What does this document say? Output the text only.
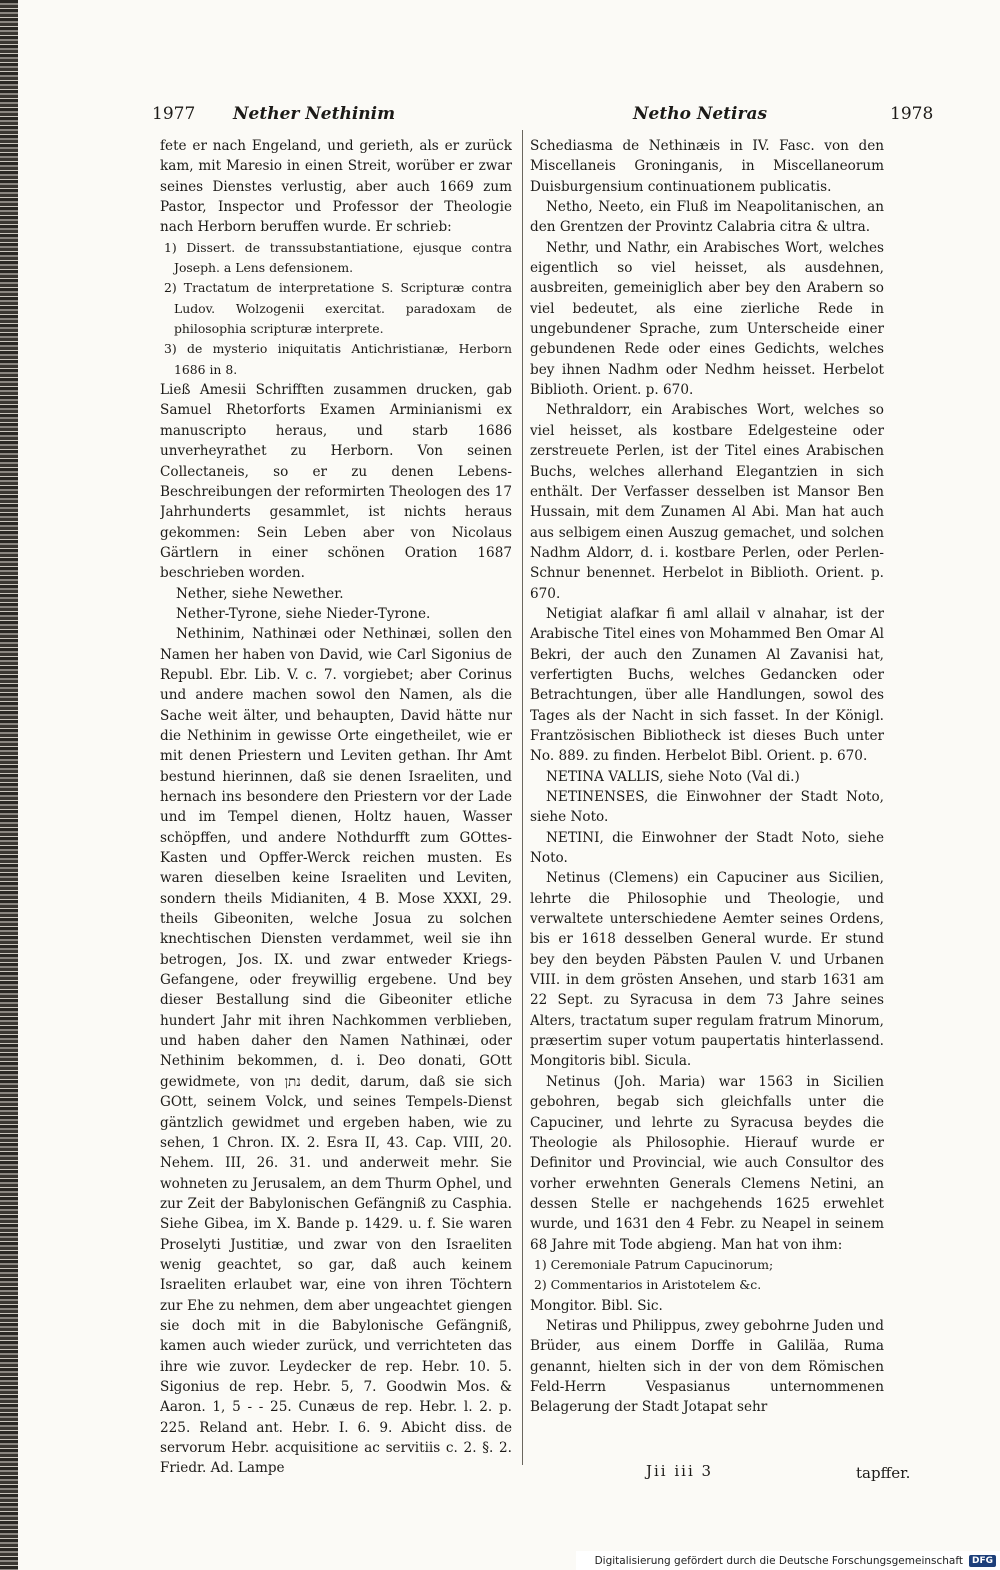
1977 Nether Nethinim	Netho Netiras	1978

fete er nach Engeland, und gerieth, als er zurück kam, mit Maresio in einen Streit, worüber er zwar seines Dienstes verlustig, aber auch 1669 zum Pastor, Inspector und Professor der Theologie nach Herborn beruffen wurde. Er schrieb:

1) Dissert. de transsubstantiatione, ejusque contra Joseph. a Lens defensionem.

2) Tractatum de interpretatione S. Scripturæ contra Ludov. Wolzogenii exercitat. paradoxam de philosophia scripturæ interprete.

3) de mysterio iniquitatis Antichristianæ, Herborn 1686 in 8.

Ließ Amesii Schrifften zusammen drucken, gab Samuel Rhetorforts Examen Arminianismi ex manuscripto heraus, und starb 1686 unverheyrathet zu Herborn. Von seinen Collectaneis, so er zu denen Lebens-Beschreibungen der reformirten Theologen des 17 Jahrhunderts gesammlet, ist nichts heraus gekommen: Sein Leben aber von Nicolaus Gärtlern in einer schönen Oration 1687 beschrieben worden.

Nether, siehe Newether.

Nether-Tyrone, siehe Nieder-Tyrone.

Nethinim, Nathinæi oder Nethinæi, sollen den Namen her haben von David, wie Carl Sigonius de Republ. Ebr. Lib. V. c. 7. vorgiebet; aber Corinus und andere machen sowol den Namen, als die Sache weit älter, und behaupten, David hätte nur die Nethinim in gewisse Orte eingetheilet, wie er mit denen Priestern und Leviten gethan. Ihr Amt bestund hierinnen, daß sie denen Israeliten, und hernach ins besondere den Priestern vor der Lade und im Tempel dienen, Holtz hauen, Wasser schöpffen, und andere Nothdurfft zum GOttes-Kasten und Opffer-Werck reichen musten. Es waren dieselben keine Israeliten und Leviten, sondern theils Midianiten, 4 B. Mose XXXI, 29. theils Gibeoniten, welche Josua zu solchen knechtischen Diensten verdammet, weil sie ihn betrogen, Jos. IX. und zwar entweder Kriegs-Gefangene, oder freywillig ergebene. Und bey dieser Bestallung sind die Gibeoniter etliche hundert Jahr mit ihren Nachkommen verblieben, und haben daher den Namen Nathinæi, oder Nethinim bekommen, d. i. Deo donati, GOtt gewidmete, von נתן dedit, darum, daß sie sich GOtt, seinem Volck, und seines Tempels-Dienst gäntzlich gewidmet und ergeben haben, wie zu sehen, 1 Chron. IX. 2. Esra II, 43. Cap. VIII, 20. Nehem. III, 26. 31. und anderweit mehr. Sie wohneten zu Jerusalem, an dem Thurm Ophel, und zur Zeit der Babylonischen Gefängniß zu Casphia. Siehe Gibea, im X. Bande p. 1429. u. f. Sie waren Proselyti Justitiæ, und zwar von den Israeliten wenig geachtet, so gar, daß auch keinem Israeliten erlaubet war, eine von ihren Töchtern zur Ehe zu nehmen, dem aber ungeachtet giengen sie doch mit in die Babylonische Gefängniß, kamen auch wieder zurück, und verrichteten das ihre wie zuvor. Leydecker de rep. Hebr. 10. 5. Sigonius de rep. Hebr. 5, 7. Goodwin Mos. & Aaron. 1, 5 - - 25. Cunæus de rep. Hebr. l. 2. p. 225. Reland ant. Hebr. I. 6. 9. Abicht diss. de servorum Hebr. acquisitione ac servitiis c. 2. §. 2. Friedr. Ad. Lampe

Schediasma de Nethinæis in IV. Fasc. von den Miscellaneis Groninganis, in Miscellaneorum Duisburgensium continuationem publicatis.

Netho, Neeto, ein Fluß im Neapolitanischen, an den Grentzen der Provintz Calabria citra & ultra.

Nethr, und Nathr, ein Arabisches Wort, welches eigentlich so viel heisset, als ausdehnen, ausbreiten, gemeiniglich aber bey den Arabern so viel bedeutet, als eine zierliche Rede in ungebundener Sprache, zum Unterscheide einer gebundenen Rede oder eines Gedichts, welches bey ihnen Nadhm oder Nedhm heisset. Herbelot Biblioth. Orient. p. 670.

Nethraldorr, ein Arabisches Wort, welches so viel heisset, als kostbare Edelgesteine oder zerstreuete Perlen, ist der Titel eines Arabischen Buchs, welches allerhand Elegantzien in sich enthält. Der Verfasser desselben ist Mansor Ben Hussain, mit dem Zunamen Al Abi. Man hat auch aus selbigem einen Auszug gemachet, und solchen Nadhm Aldorr, d. i. kostbare Perlen, oder Perlen-Schnur benennet. Herbelot in Biblioth. Orient. p. 670.

Netigiat alafkar fi aml allail v alnahar, ist der Arabische Titel eines von Mohammed Ben Omar Al Bekri, der auch den Zunamen Al Zavanisi hat, verfertigten Buchs, welches Gedancken oder Betrachtungen, über alle Handlungen, sowol des Tages als der Nacht in sich fasset. In der Königl. Frantzösischen Bibliotheck ist dieses Buch unter No. 889. zu finden. Herbelot Bibl. Orient. p. 670.

NETINA VALLIS, siehe Noto (Val di.)

NETINENSES, die Einwohner der Stadt Noto, siehe Noto.

NETINI, die Einwohner der Stadt Noto, siehe Noto.

Netinus (Clemens) ein Capuciner aus Sicilien, lehrte die Philosophie und Theologie, und verwaltete unterschiedene Aemter seines Ordens, bis er 1618 desselben General wurde. Er stund bey den beyden Päbsten Paulen V. und Urbanen VIII. in dem grösten Ansehen, und starb 1631 am 22 Sept. zu Syracusa in dem 73 Jahre seines Alters, tractatum super regulam fratrum Minorum, præsertim super votum paupertatis hinterlassend. Mongitoris bibl. Sicula.

Netinus (Joh. Maria) war 1563 in Sicilien gebohren, begab sich gleichfalls unter die Capuciner, und lehrte zu Syracusa beydes die Theologie als Philosophie. Hierauf wurde er Definitor und Provincial, wie auch Consultor des vorher erwehnten Generals Clemens Netini, an dessen Stelle er nachgehends 1625 erwehlet wurde, und 1631 den 4 Febr. zu Neapel in seinem 68 Jahre mit Tode abgieng. Man hat von ihm:

1) Ceremoniale Patrum Capucinorum;

2) Commentarios in Aristotelem &c.

Mongitor. Bibl. Sic.

Netiras und Philippus, zwey gebohrne Juden und Brüder, aus einem Dorffe in Galiläa, Ruma genannt, hielten sich in der von dem Römischen Feld-Herrn Vespasianus unternommenen Belagerung der Stadt Jotapat sehr

Jii iii 3	tapffer.
Digitalisierung gefördert durch die Deutsche Forschungsgemeinschaft	DFG
